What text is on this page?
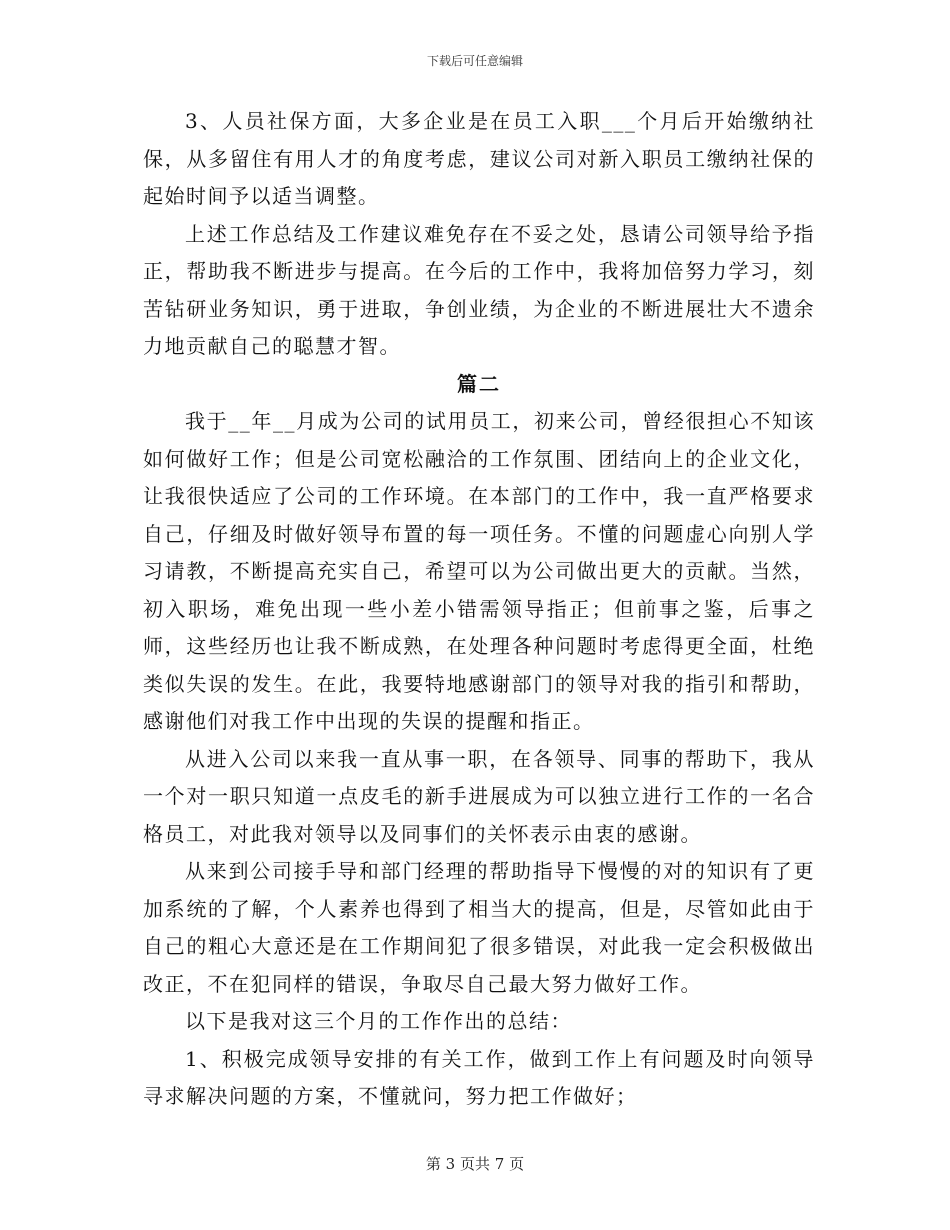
下载后可任意编辑

3、人员社保方面，大多企业是在员工入职___个月后开始缴纳社保，从多留住有用人才的角度考虑，建议公司对新入职员工缴纳社保的起始时间予以适当调整。

上述工作总结及工作建议难免存在不妥之处，恳请公司领导给予指正，帮助我不断进步与提高。在今后的工作中，我将加倍努力学习，刻苦钻研业务知识，勇于进取，争创业绩，为企业的不断进展壮大不遗余力地贡献自己的聪慧才智。

篇二

我于__年__月成为公司的试用员工，初来公司，曾经很担心不知该如何做好工作；但是公司宽松融洽的工作氛围、团结向上的企业文化，让我很快适应了公司的工作环境。在本部门的工作中，我一直严格要求自己，仔细及时做好领导布置的每一项任务。不懂的问题虚心向别人学习请教，不断提高充实自己，希望可以为公司做出更大的贡献。当然，初入职场，难免出现一些小差小错需领导指正；但前事之鉴，后事之师，这些经历也让我不断成熟，在处理各种问题时考虑得更全面，杜绝类似失误的发生。在此，我要特地感谢部门的领导对我的指引和帮助，感谢他们对我工作中出现的失误的提醒和指正。

从进入公司以来我一直从事一职，在各领导、同事的帮助下，我从一个对一职只知道一点皮毛的新手进展成为可以独立进行工作的一名合格员工，对此我对领导以及同事们的关怀表示由衷的感谢。

从来到公司接手导和部门经理的帮助指导下慢慢的对的知识有了更加系统的了解，个人素养也得到了相当大的提高，但是，尽管如此由于自己的粗心大意还是在工作期间犯了很多错误，对此我一定会积极做出改正，不在犯同样的错误，争取尽自己最大努力做好工作。

以下是我对这三个月的工作作出的总结：

1、积极完成领导安排的有关工作，做到工作上有问题及时向领导寻求解决问题的方案，不懂就问，努力把工作做好；

第 3 页共 7 页
